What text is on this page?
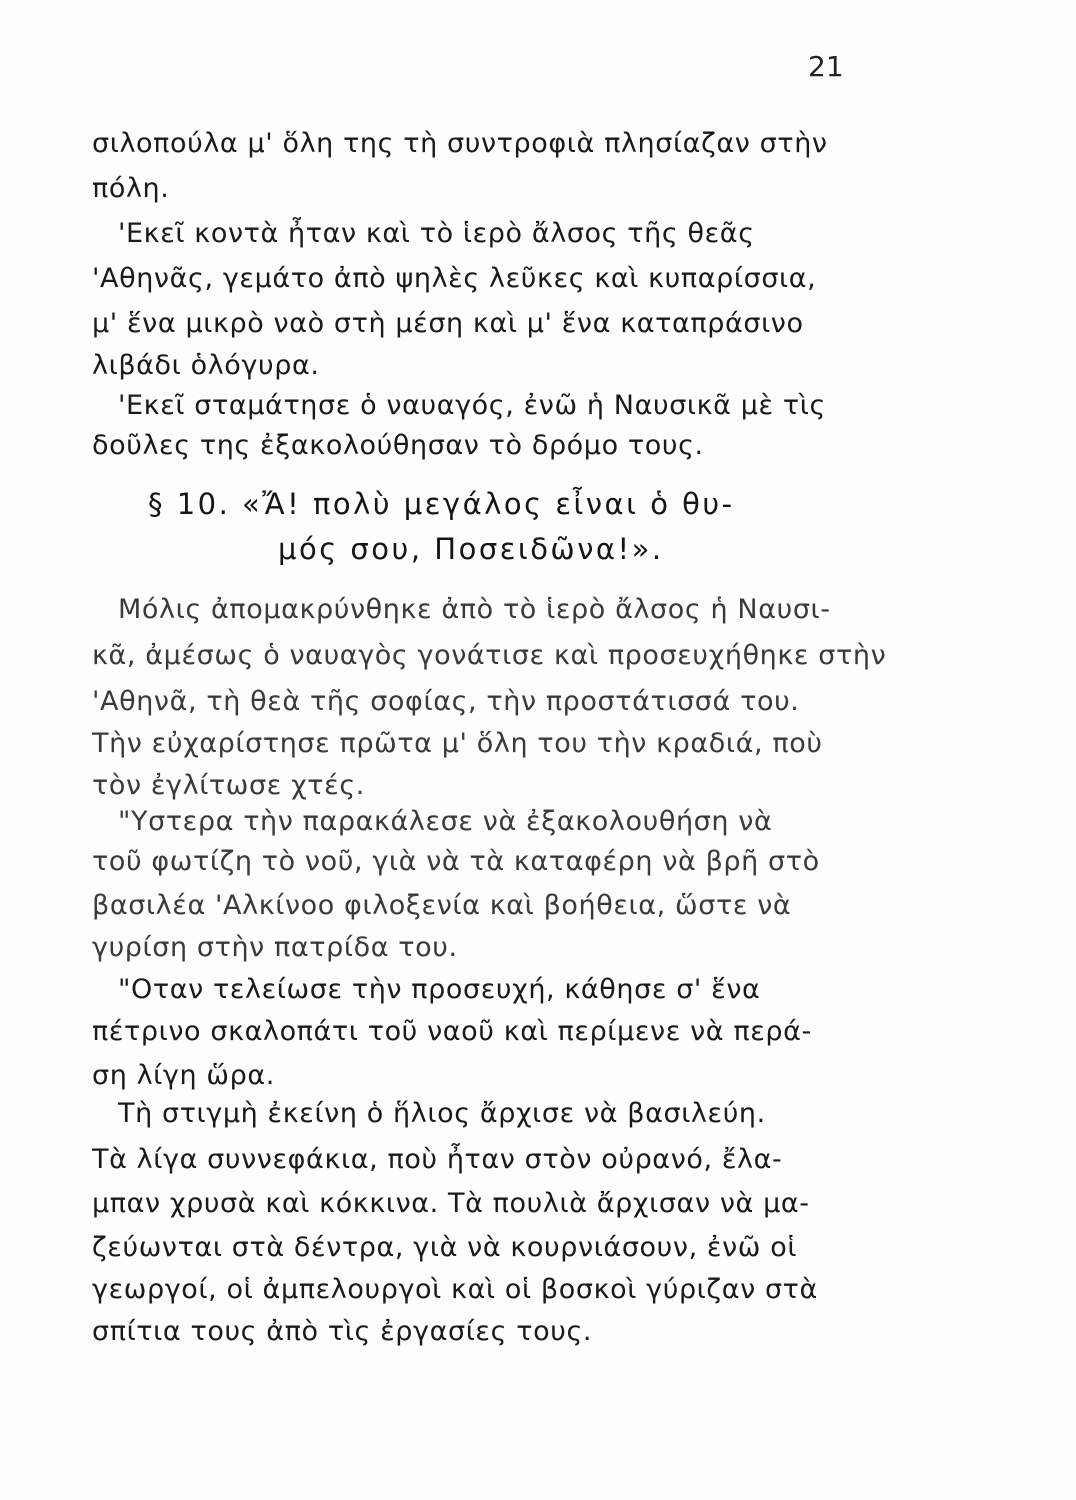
21
σιλοπούλα μ' ὅλη της τὴ συντροφιὰ πλησίαζαν στὴν
πόλη.
'Εκεῖ κοντὰ ἦταν καὶ τὸ ἱερὸ ἄλσος τῆς θεᾶς
'Αθηνᾶς, γεμάτο ἀπὸ ψηλὲς λεῦκες καὶ κυπαρίσσια,
μ' ἕνα μικρὸ ναὸ στὴ μέση καὶ μ' ἕνα καταπράσινο
λιβάδι ὁλόγυρα.
'Εκεῖ σταμάτησε ὁ ναυαγός, ἐνῶ ἡ Ναυσικᾶ μὲ τὶς
δοῦλες της ἐξακολούθησαν τὸ δρόμο τους.
§ 10. «Ἄ! πολὺ μεγάλος εἶναι ὁ θυ-
μός σου, Ποσειδῶνα!».
Μόλις ἀπομακρύνθηκε ἀπὸ τὸ ἱερὸ ἄλσος ἡ Ναυσι-
κᾶ, ἀμέσως ὁ ναυαγὸς γονάτισε καὶ προσευχήθηκε στὴν
'Αθηνᾶ, τὴ θεὰ τῆς σοφίας, τὴν προστάτισσά του.
Τὴν εὐχαρίστησε πρῶτα μ' ὅλη του τὴν κραδιά, ποὺ
τὸν ἐγλίτωσε χτές.
"Υστερα τὴν παρακάλεσε νὰ ἐξακολουθήση νὰ
τοῦ φωτίζη τὸ νοῦ, γιὰ νὰ τὰ καταφέρη νὰ βρῆ στὸ
βασιλέα 'Αλκίνοο φιλοξενία καὶ βοήθεια, ὥστε νὰ
γυρίση στὴν πατρίδα του.
"Οταν τελείωσε τὴν προσευχή, κάθησε σ' ἕνα
πέτρινο σκαλοπάτι τοῦ ναοῦ καὶ περίμενε νὰ περά-
ση λίγη ὥρα.
Τὴ στιγμὴ ἐκείνη ὁ ἥλιος ἄρχισε νὰ βασιλεύη.
Τὰ λίγα συννεφάκια, ποὺ ἦταν στὸν οὐρανό, ἔλα-
μπαν χρυσὰ καὶ κόκκινα. Τὰ πουλιὰ ἄρχισαν νὰ μα-
ζεύωνται στὰ δέντρα, γιὰ νὰ κουρνιάσουν, ἐνῶ οἱ
γεωργοί, οἱ ἀμπελουργοὶ καὶ οἱ βοσκοὶ γύριζαν στὰ
σπίτια τους ἀπὸ τὶς ἐργασίες τους.
